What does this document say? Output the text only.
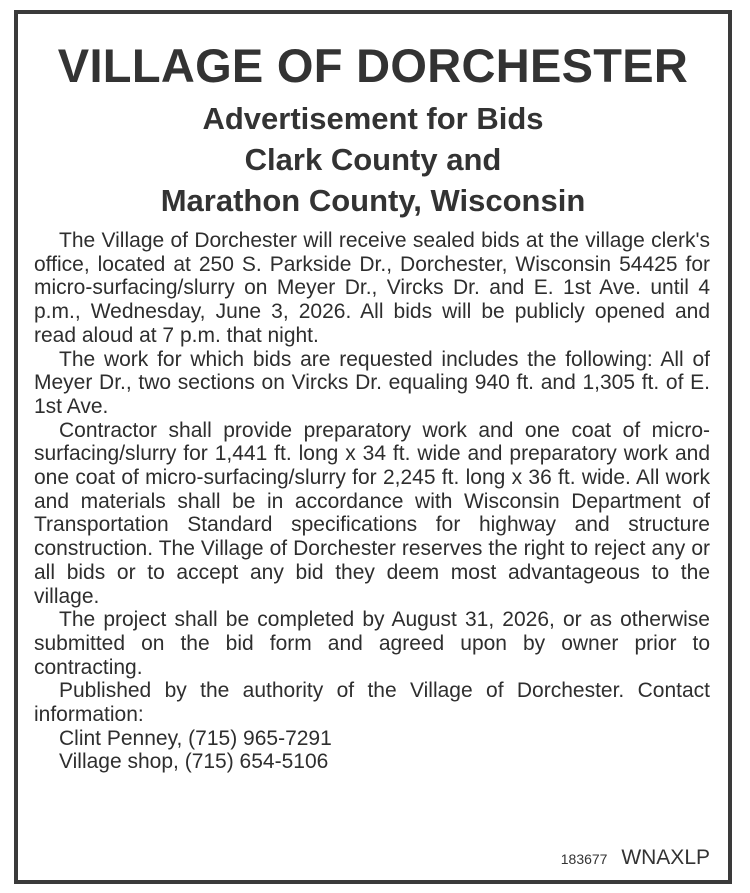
VILLAGE OF DORCHESTER
Advertisement for Bids
Clark County and
Marathon County, Wisconsin

The Village of Dorchester will receive sealed bids at the village clerk's office, located at 250 S. Parkside Dr., Dorchester, Wisconsin 54425 for micro-surfacing/slurry on Meyer Dr., Vircks Dr. and E. 1st Ave. until 4 p.m., Wednesday, June 3, 2026. All bids will be publicly opened and read aloud at 7 p.m. that night.

The work for which bids are requested includes the following: All of Meyer Dr., two sections on Vircks Dr. equaling 940 ft. and 1,305 ft. of E. 1st Ave.

Contractor shall provide preparatory work and one coat of micro-surfacing/slurry for 1,441 ft. long x 34 ft. wide and preparatory work and one coat of micro-surfacing/slurry for 2,245 ft. long x 36 ft. wide. All work and materials shall be in accordance with Wisconsin Department of Transportation Standard specifications for highway and structure construction. The Village of Dorchester reserves the right to reject any or all bids or to accept any bid they deem most advantageous to the village.

The project shall be completed by August 31, 2026, or as otherwise submitted on the bid form and agreed upon by owner prior to contracting.

Published by the authority of the Village of Dorchester. Contact information:

Clint Penney, (715) 965-7291

Village shop, (715) 654-5106

183677 WNAXLP
